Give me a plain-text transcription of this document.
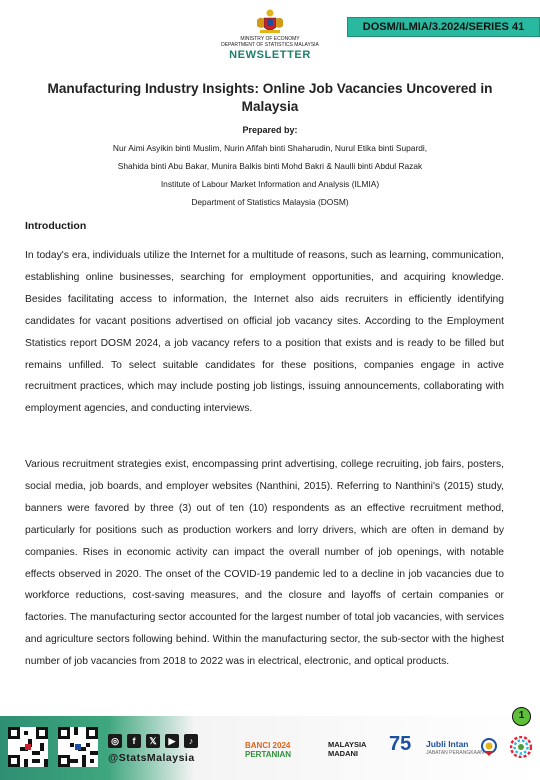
MINISTRY OF ECONOMY
DEPARTMENT OF STATISTICS MALAYSIA
NEWSLETTER
DOSM/ILMIA/3.2024/SERIES 41
Manufacturing Industry Insights: Online Job Vacancies Uncovered in Malaysia
Prepared by:
Nur Aimi Asyikin binti Muslim, Nurin Afifah binti Shaharudin, Nurul Etika binti Supardi,
Shahida binti Abu Bakar, Munira Balkis binti Mohd Bakri & Naulli binti Abdul Razak
Institute of Labour Market Information and Analysis (ILMIA)
Department of Statistics Malaysia (DOSM)
Introduction

In today's era, individuals utilize the Internet for a multitude of reasons, such as learning, communication, establishing online businesses, searching for employment opportunities, and acquiring knowledge. Besides facilitating access to information, the Internet also aids recruiters in efficiently identifying candidates for vacant positions advertised on official job vacancy sites. According to the Employment Statistics report DOSM 2024, a job vacancy refers to a position that exists and is ready to be filled but remains unfilled. To select suitable candidates for these positions, companies engage in active recruitment practices, which may include posting job listings, issuing announcements, collaborating with employment agencies, and conducting interviews.

Various recruitment strategies exist, encompassing print advertising, college recruiting, job fairs, posters, social media, job boards, and employer websites (Nanthini, 2015). Referring to Nanthini's (2015) study, banners were favored by three (3) out of ten (10) respondents as an effective recruitment method, particularly for positions such as production workers and lorry drivers, which are often in demand by companies. Rises in economic activity can impact the overall number of job openings, with notable effects observed in 2020. The onset of the COVID-19 pandemic led to a decline in job vacancies due to workforce reductions, cost-saving measures, and the closure and layoffs of certain companies or factories. The manufacturing sector accounted for the largest number of total job vacancies, with services and agriculture sectors following behind. Within the manufacturing sector, the sub-sector with the highest number of job vacancies from 2018 to 2022 was in electrical, electronic, and optical products.

1
◎	f	𝕏	▶	♪
@StatsMalaysia
BANCI 2024
PERTANIAN
MALAYSIA
MADANI	75 Jubli Intan
JABATAN PERANGKAAN
